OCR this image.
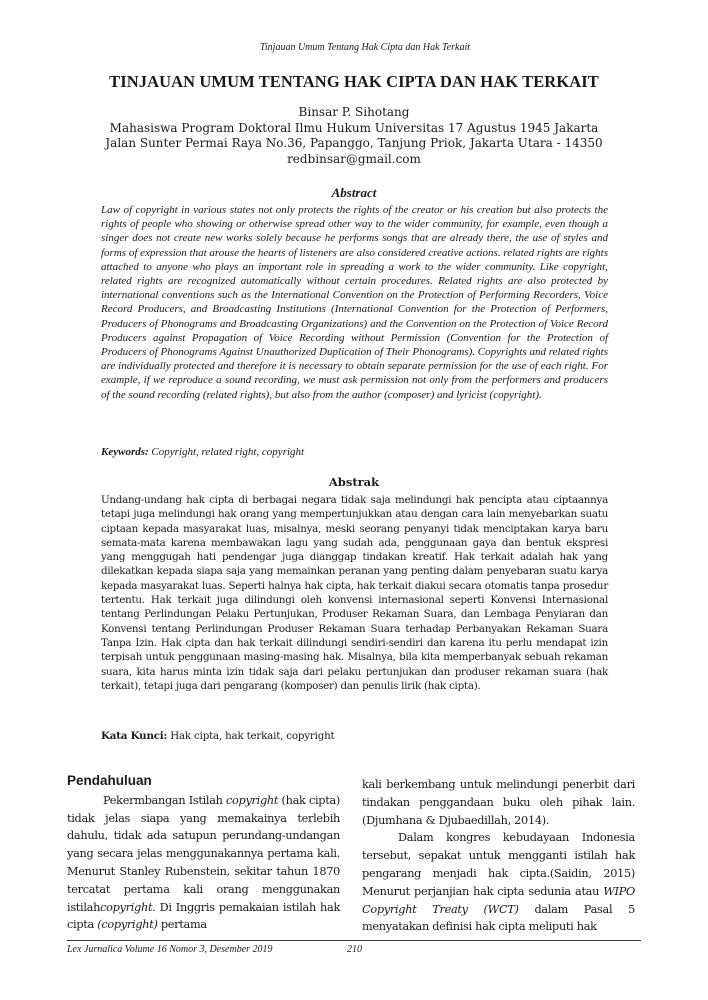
Tinjauan Umum Tentang Hak Cipta dan Hak Terkait
TINJAUAN UMUM TENTANG HAK CIPTA DAN HAK TERKAIT
Binsar P. Sihotang
Mahasiswa Program Doktoral Ilmu Hukum Universitas 17 Agustus 1945 Jakarta
Jalan Sunter Permai Raya No.36, Papanggo, Tanjung Priok, Jakarta Utara - 14350
redbinsar@gmail.com
Abstract

Law of copyright in various states not only protects the rights of the creator or his creation but also protects the rights of people who showing or otherwise spread other way to the wider community, for example, even though a singer does not create new works solely because he performs songs that are already there, the use of styles and forms of expression that arouse the hearts of listeners are also considered creative actions. related rights are rights attached to anyone who plays an important role in spreading a work to the wider community. Like copyright, related rights are recognized automatically without certain procedures. Related rights are also protected by international conventions such as the International Convention on the Protection of Performing Recorders, Voice Record Producers, and Broadcasting Institutions (International Convention for the Protection of Performers, Producers of Phonograms and Broadcasting Organizations) and the Convention on the Protection of Voice Record Producers against Propagation of Voice Recording without Permission (Convention for the Protection of Producers of Phonograms Against Unauthorized Duplication of Their Phonograms). Copyrights and related rights are individually protected and therefore it is necessary to obtain separate permission for the use of each right. For example, if we reproduce a sound recording, we must ask permission not only from the performers and producers of the sound recording (related rights), but also from the author (composer) and lyricist (copyright).

Keywords: Copyright, related right, copyright

Abstrak

Undang-undang hak cipta di berbagai negara tidak saja melindungi hak pencipta atau ciptaannya tetapi juga melindungi hak orang yang mempertunjukkan atau dengan cara lain menyebarkan suatu ciptaan kepada masyarakat luas, misalnya, meski seorang penyanyi tidak menciptakan karya baru semata-mata karena membawakan lagu yang sudah ada, penggunaan gaya dan bentuk ekspresi yang menggugah hati pendengar juga dianggap tindakan kreatif. Hak terkait adalah hak yang dilekatkan kepada siapa saja yang memainkan peranan yang penting dalam penyebaran suatu karya kepada masyarakat luas. Seperti halnya hak cipta, hak terkait diakui secara otomatis tanpa prosedur tertentu. Hak terkait juga dilindungi oleh konvensi internasional seperti Konvensi Internasional tentang Perlindungan Pelaku Pertunjukan, Produser Rekaman Suara, dan Lembaga Penyiaran dan Konvensi tentang Perlindungan Produser Rekaman Suara terhadap Perbanyakan Rekaman Suara Tanpa Izin. Hak cipta dan hak terkait dilindungi sendiri-sendiri dan karena itu perlu mendapat izin terpisah untuk penggunaan masing-masing hak. Misalnya, bila kita memperbanyak sebuah rekaman suara, kita harus minta izin tidak saja dari pelaku pertunjukan dan produser rekaman suara (hak terkait), tetapi juga dari pengarang (komposer) dan penulis lirik (hak cipta).

Kata Kunci: Hak cipta, hak terkait, copyright

Pendahuluan

Pekermbangan Istilah copyright (hak cipta) tidak jelas siapa yang memakainya terlebih dahulu, tidak ada satupun perundang-undangan yang secara jelas menggunakannya pertama kali. Menurut Stanley Rubenstein, sekitar tahun 1870 tercatat pertama kali orang menggunakan istilahcopyright. Di Inggris pemakaian istilah hak cipta (copyright) pertama

kali berkembang untuk melindungi penerbit dari tindakan penggandaan buku oleh pihak lain.(Djumhana & Djubaedillah, 2014).

Dalam kongres kebudayaan Indonesia tersebut, sepakat untuk mengganti istilah hak pengarang menjadi hak cipta.(Saidin, 2015) Menurut perjanjian hak cipta sedunia atau WIPO Copyright Treaty (WCT) dalam Pasal 5 menyatakan definisi hak cipta meliputi hak

Lex Jurnalica Volume 16 Nomor 3, Desember 2019	210
